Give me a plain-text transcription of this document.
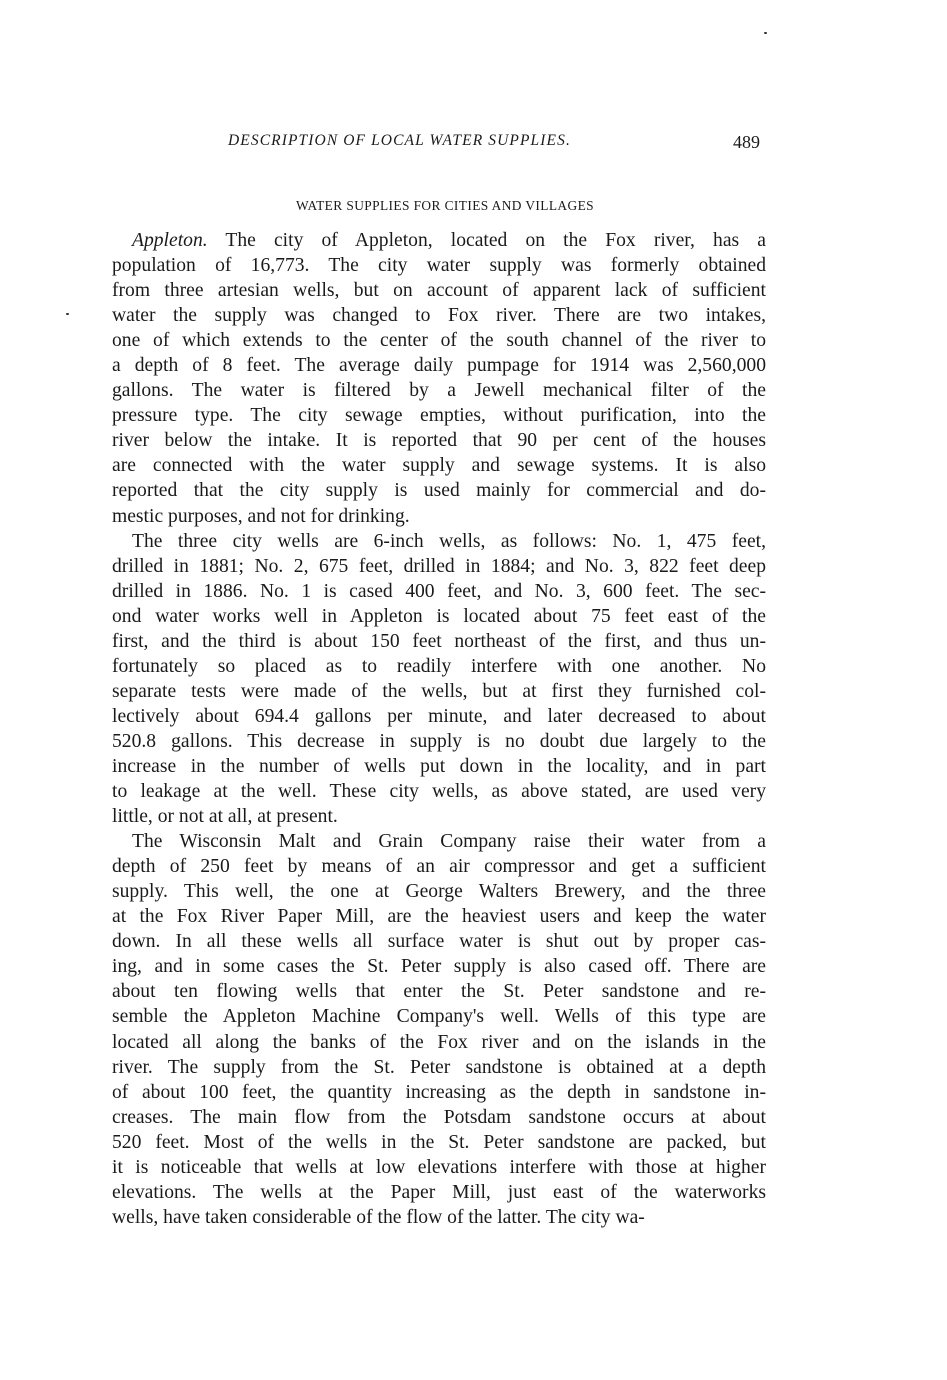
DESCRIPTION OF LOCAL WATER SUPPLIES.	489
WATER SUPPLIES FOR CITIES AND VILLAGES
Appleton. The city of Appleton, located on the Fox river, has a
population of 16,773. The city water supply was formerly obtained
from three artesian wells, but on account of apparent lack of sufficient
water the supply was changed to Fox river. There are two intakes,
one of which extends to the center of the south channel of the river to
a depth of 8 feet. The average daily pumpage for 1914 was 2,560,000
gallons. The water is filtered by a Jewell mechanical filter of the
pressure type. The city sewage empties, without purification, into the
river below the intake. It is reported that 90 per cent of the houses
are connected with the water supply and sewage systems. It is also
reported that the city supply is used mainly for commercial and do-
mestic purposes, and not for drinking.
The three city wells are 6-inch wells, as follows: No. 1, 475 feet,
drilled in 1881; No. 2, 675 feet, drilled in 1884; and No. 3, 822 feet deep
drilled in 1886. No. 1 is cased 400 feet, and No. 3, 600 feet. The sec-
ond water works well in Appleton is located about 75 feet east of the
first, and the third is about 150 feet northeast of the first, and thus un-
fortunately so placed as to readily interfere with one another. No
separate tests were made of the wells, but at first they furnished col-
lectively about 694.4 gallons per minute, and later decreased to about
520.8 gallons. This decrease in supply is no doubt due largely to the
increase in the number of wells put down in the locality, and in part
to leakage at the well. These city wells, as above stated, are used very
little, or not at all, at present.
The Wisconsin Malt and Grain Company raise their water from a
depth of 250 feet by means of an air compressor and get a sufficient
supply. This well, the one at George Walters Brewery, and the three
at the Fox River Paper Mill, are the heaviest users and keep the water
down. In all these wells all surface water is shut out by proper cas-
ing, and in some cases the St. Peter supply is also cased off. There are
about ten flowing wells that enter the St. Peter sandstone and re-
semble the Appleton Machine Company's well. Wells of this type are
located all along the banks of the Fox river and on the islands in the
river. The supply from the St. Peter sandstone is obtained at a depth
of about 100 feet, the quantity increasing as the depth in sandstone in-
creases. The main flow from the Potsdam sandstone occurs at about
520 feet. Most of the wells in the St. Peter sandstone are packed, but
it is noticeable that wells at low elevations interfere with those at higher
elevations. The wells at the Paper Mill, just east of the waterworks
wells, have taken considerable of the flow of the latter. The city wa-
